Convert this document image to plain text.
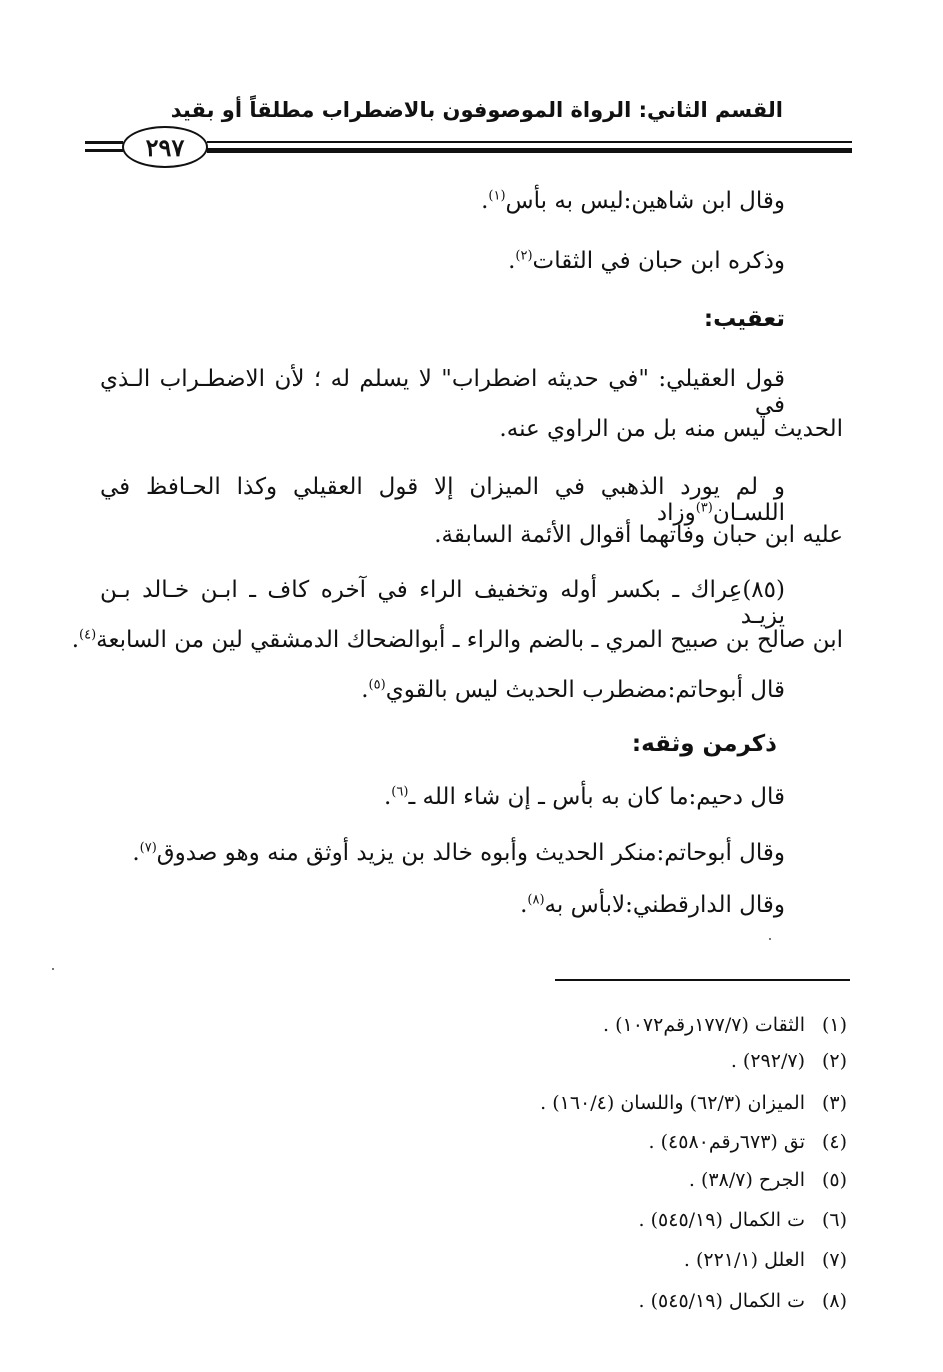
القسم الثاني: الرواة الموصوفون بالاضطراب مطلقاً أو بقيد
٢٩٧
وقال ابن شاهين:ليس به بأس$^{(١)}$.
وذكره ابن حبان في الثقات$^{(٢)}$.
تعقيب:
قول العقيلي: "في حديثه اضطراب" لا يسلم له ؛ لأن الاضطـراب الـذي في
الحديث ليس منه بل من الراوي عنه.
و لم يورد الذهبي في الميزان إلا قول العقيلي وكذا الحـافظ في اللسـان$^{(٣)}$وزاد
عليه ابن حبان وفاتهما أقوال الأئمة السابقة.
(٨٥)عِراك ـ بكسر أوله وتخفيف الراء في آخره كاف ـ ابـن خـالد بـن يزيـد
ابن صالح بن صبيح المري ـ بالضم والراء ـ أبوالضحاك الدمشقي لين من السابعة$^{(٤)}$.
قال أبوحاتم:مضطرب الحديث ليس بالقوي$^{(٥)}$.
ذكرمن وثقه:
قال دحيم:ما كان به بأس ـ إن شاء الله ـ$^{(٦)}$.
وقال أبوحاتم:منكر الحديث وأبوه خالد بن يزيد أوثق منه وهو صدوق$^{(٧)}$.
وقال الدارقطني:لابأس به$^{(٨)}$.
(١)الثقات (١٧٧/٧رقم١٠٧٢) .
(٢)(٢٩٢/٧) .
(٣)الميزان (٦٢/٣) واللسان (١٦٠/٤) .
(٤)تق (٦٧٣رقم٤٥٨٠) .
(٥)الجرح (٣٨/٧) .
(٦)ت الكمال (٥٤٥/١٩) .
(٧)العلل (٢٢١/١) .
(٨)ت الكمال (٥٤٥/١٩) .
